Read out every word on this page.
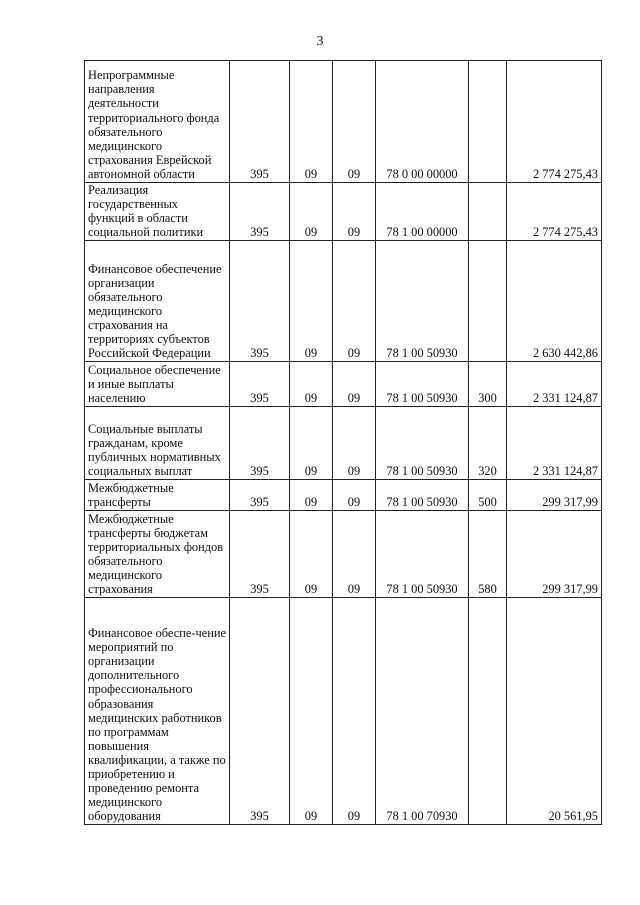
3
Непрограммные направления деятельности территориального фонда обязательного медицинского страхования Еврейской автономной области	395	09	09	78 0 00 00000		2 774 275,43
Реализация государственных функций в области социальной политики	395	09	09	78 1 00 00000		2 774 275,43
Финансовое обеспечение организации обязательного медицинского страхования на территориях субъектов Российской Федерации	395	09	09	78 1 00 50930		2 630 442,86
Социальное обеспечение и иные выплаты населению	395	09	09	78 1 00 50930	300	2 331 124,87
Социальные выплаты гражданам, кроме публичных нормативных социальных выплат	395	09	09	78 1 00 50930	320	2 331 124,87
Межбюджетные трансферты	395	09	09	78 1 00 50930	500	299 317,99
Межбюджетные трансферты бюджетам территориальных фондов обязательного медицинского страхования	395	09	09	78 1 00 50930	580	299 317,99
Финансовое обеспе-чение мероприятий по организации дополнительного профессионального образования медицинских работников по программам повышения квалификации, а также по приобретению и проведению ремонта медицинского оборудования	395	09	09	78 1 00 70930		20 561,95
